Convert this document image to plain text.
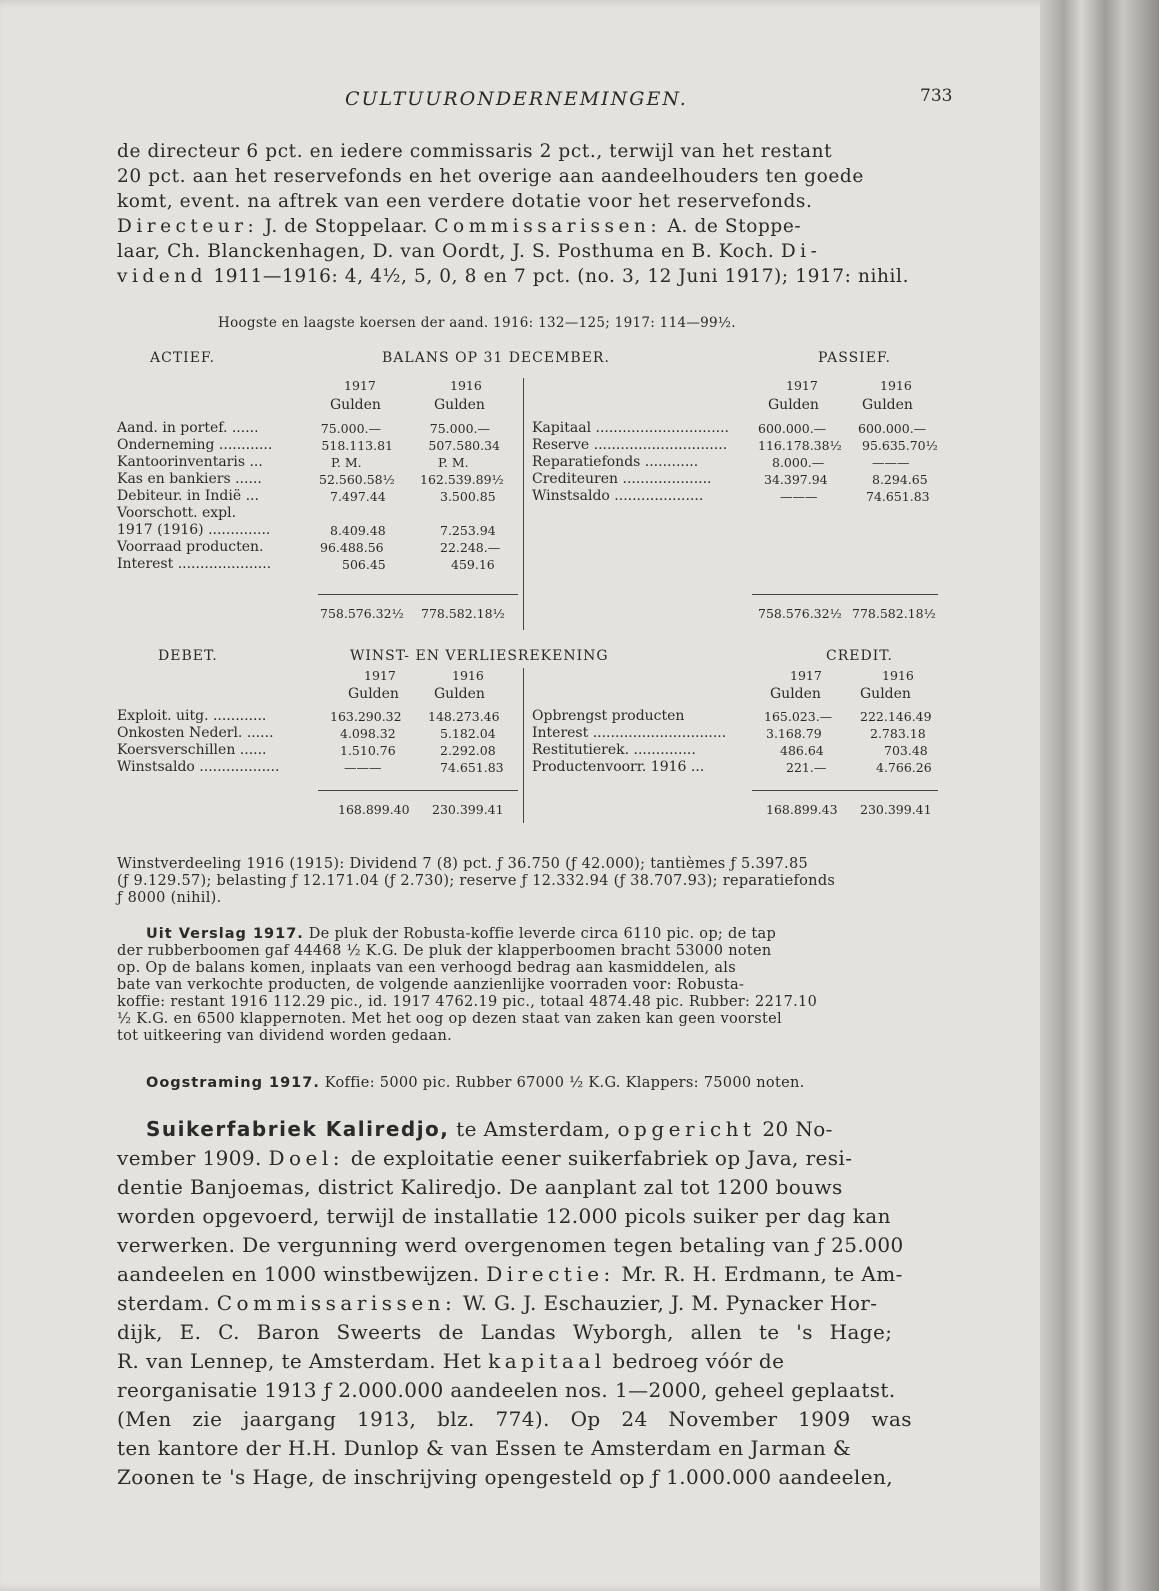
CULTUURONDERNEMINGEN.	733
de directeur 6 pct. en iedere commissaris 2 pct., terwijl van het restant
20 pct. aan het reservefonds en het overige aan aandeelhouders ten goede
komt, event. na aftrek van een verdere dotatie voor het reservefonds.
Directeur: J. de Stoppelaar. Commissarissen: A. de Stoppe-
laar, Ch. Blanckenhagen, D. van Oordt, J. S. Posthuma en B. Koch. Di-
vidend 1911—1916: 4, 4½, 5, 0, 8 en 7 pct. (no. 3, 12 Juni 1917); 1917: nihil.
Hoogste en laagste koersen der aand. 1916: 132—125; 1917: 114—99½.
ACTIEF.	BALANS OP 31 DECEMBER.	PASSIEF.
1917	1916
Gulden	Gulden
1917	1916
Gulden	Gulden
Aand. in portef. ......	75.000.—	75.000.—
Onderneming ............	518.113.81	507.580.34
Kantoorinventaris ...	P. M.	P. M.
Kas en bankiers ......	52.560.58½ 162.539.89½
Debiteur. in Indië ...	7.497.44	3.500.85
Voorschott. expl.
1917 (1916) ..............	8.409.48	7.253.94
Voorraad producten.	96.488.56	22.248.—
Interest .....................	506.45	459.16
Kapitaal .............................. 600.000.—	600.000.—
Reserve .............................. 116.178.38½ 95.635.70½
Reparatiefonds ............	8.000.—	———
Crediteuren ....................	34.397.94	8.294.65
Winstsaldo ....................	———	74.651.83
758.576.32½ 778.582.18½	758.576.32½ 778.582.18½
DEBET.	WINST- EN VERLIESREKENING	CREDIT.
1917	1916
Gulden	Gulden
1917	1916
Gulden	Gulden
Exploit. uitg. ............	163.290.32 148.273.46
Onkosten Nederl. ......	4.098.32	5.182.04
Koersverschillen ......	1.510.76	2.292.08
Winstsaldo ..................	———	74.651.83
Opbrengst producten	165.023.— 222.146.49
Interest ..............................	3.168.79	2.783.18
Restitutierek. ..............	486.64	703.48
Productenvoorr. 1916 ...	221.—	4.766.26
168.899.40 230.399.41	168.899.43 230.399.41
Winstverdeeling 1916 (1915): Dividend 7 (8) pct. ƒ 36.750 (ƒ 42.000); tantièmes ƒ 5.397.85
(ƒ 9.129.57); belasting ƒ 12.171.04 (ƒ 2.730); reserve ƒ 12.332.94 (ƒ 38.707.93); reparatiefonds
ƒ 8000 (nihil).
Uit Verslag 1917. De pluk der Robusta-koffie leverde circa 6110 pic. op; de tap
der rubberboomen gaf 44468 ½ K.G. De pluk der klapperboomen bracht 53000 noten
op. Op de balans komen, inplaats van een verhoogd bedrag aan kasmiddelen, als
bate van verkochte producten, de volgende aanzienlijke voorraden voor: Robusta-
koffie: restant 1916 112.29 pic., id. 1917 4762.19 pic., totaal 4874.48 pic. Rubber: 2217.10
½ K.G. en 6500 klappernoten. Met het oog op dezen staat van zaken kan geen voorstel
tot uitkeering van dividend worden gedaan.
Oogstraming 1917. Koffie: 5000 pic. Rubber 67000 ½ K.G. Klappers: 75000 noten.
Suikerfabriek Kaliredjo, te Amsterdam, opgericht 20 No-
vember 1909. Doel: de exploitatie eener suikerfabriek op Java, resi-
dentie Banjoemas, district Kaliredjo. De aanplant zal tot 1200 bouws
worden opgevoerd, terwijl de installatie 12.000 picols suiker per dag kan
verwerken. De vergunning werd overgenomen tegen betaling van ƒ 25.000
aandeelen en 1000 winstbewijzen. Directie: Mr. R. H. Erdmann, te Am-
sterdam. Commissarissen: W. G. J. Eschauzier, J. M. Pynacker Hor-
dijk, E. C. Baron Sweerts de Landas Wyborgh, allen te 's Hage;
R. van Lennep, te Amsterdam. Het kapitaal bedroeg vóór de
reorganisatie 1913 ƒ 2.000.000 aandeelen nos. 1—2000, geheel geplaatst.
(Men zie jaargang 1913, blz. 774). Op 24 November 1909 was
ten kantore der H.H. Dunlop & van Essen te Amsterdam en Jarman &
Zoonen te 's Hage, de inschrijving opengesteld op ƒ 1.000.000 aandeelen,
